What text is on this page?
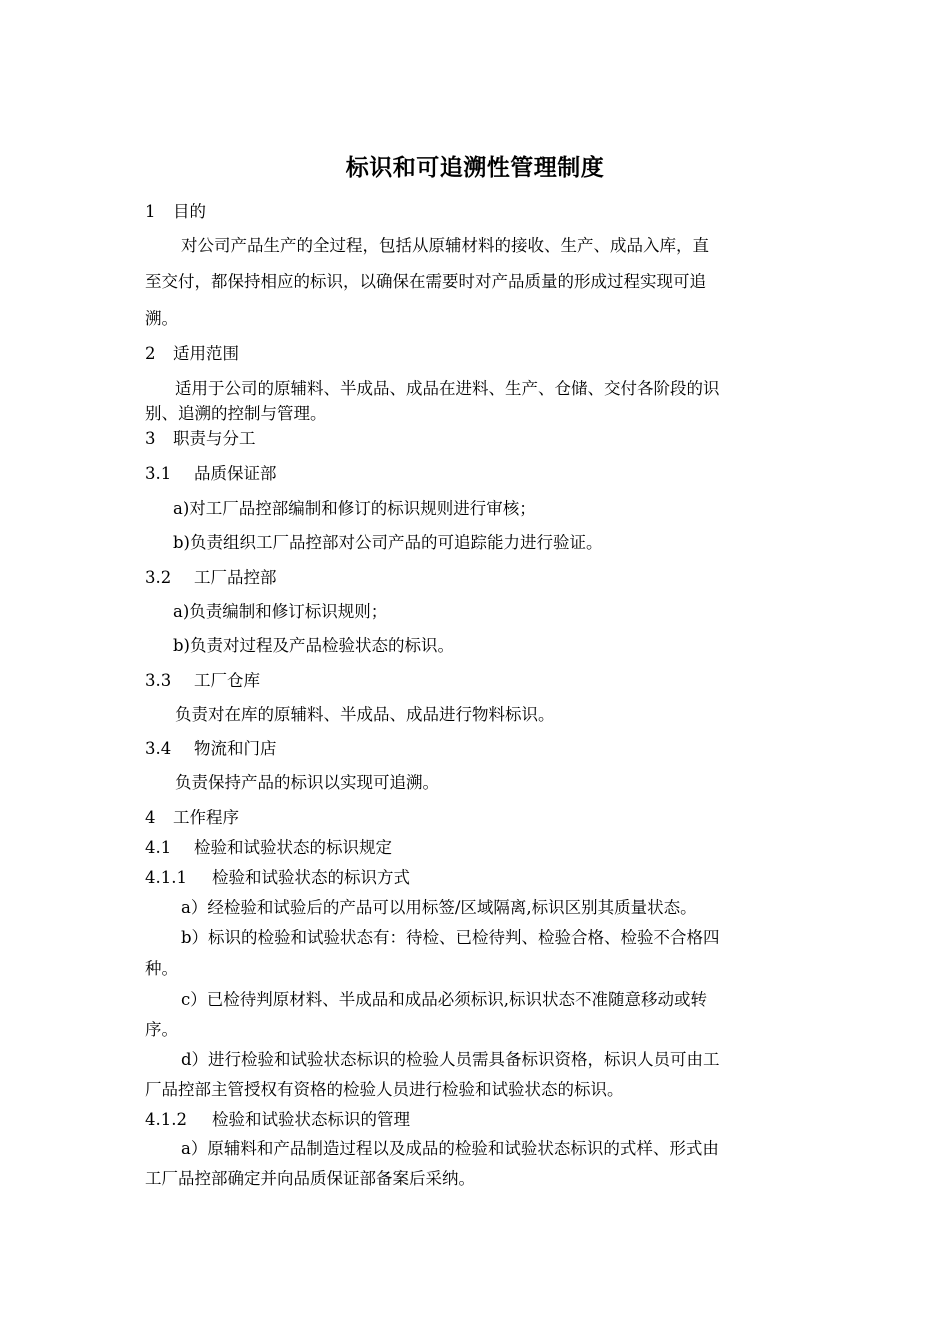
标识和可追溯性管理制度
1 目的
对公司产品生产的全过程，包括从原辅材料的接收、生产、成品入库，直
至交付，都保持相应的标识，以确保在需要时对产品质量的形成过程实现可追
溯。
2 适用范围
适用于公司的原辅料、半成品、成品在进料、生产、仓储、交付各阶段的识
别、追溯的控制与管理。
3 职责与分工
3.1 品质保证部
a)对工厂品控部编制和修订的标识规则进行审核；
b)负责组织工厂品控部对公司产品的可追踪能力进行验证。
3.2 工厂品控部
a)负责编制和修订标识规则；
b)负责对过程及产品检验状态的标识。
3.3 工厂仓库
负责对在库的原辅料、半成品、成品进行物料标识。
3.4 物流和门店
负责保持产品的标识以实现可追溯。
4 工作程序
4.1 检验和试验状态的标识规定
4.1.1 检验和试验状态的标识方式
a）经检验和试验后的产品可以用标签/区域隔离,标识区别其质量状态。
b）标识的检验和试验状态有：待检、已检待判、检验合格、检验不合格四
种。
c）已检待判原材料、半成品和成品必须标识,标识状态不准随意移动或转
序。
d）进行检验和试验状态标识的检验人员需具备标识资格，标识人员可由工
厂品控部主管授权有资格的检验人员进行检验和试验状态的标识。
4.1.2 检验和试验状态标识的管理
a）原辅料和产品制造过程以及成品的检验和试验状态标识的式样、形式由
工厂品控部确定并向品质保证部备案后采纳。
